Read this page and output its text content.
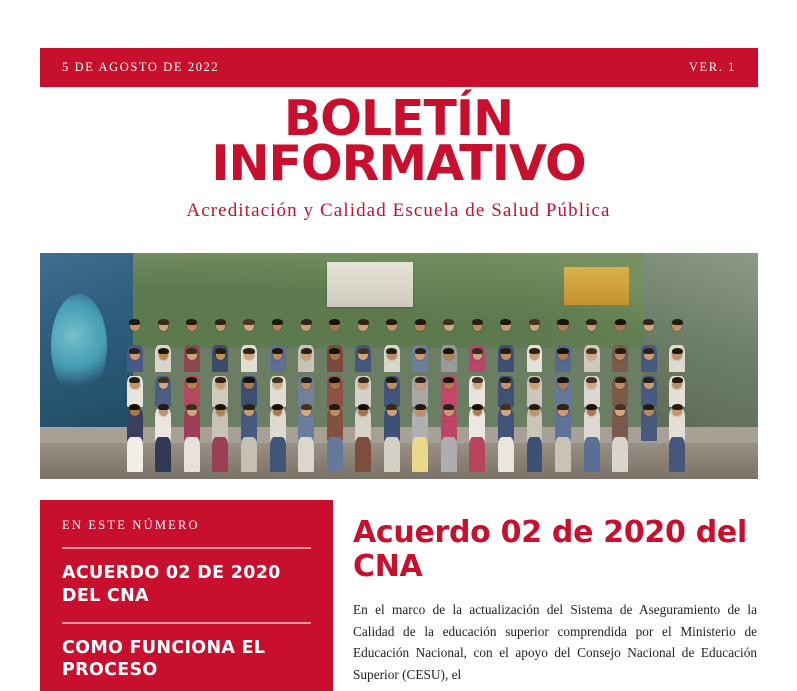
5 DE AGOSTO DE 2022	VER. 1
BOLETÍN
INFORMATIVO
Acreditación y Calidad Escuela de Salud Pública
EN ESTE NÚMERO
ACUERDO 02 DE 2020 DEL CNA
COMO FUNCIONA EL PROCESO
Acuerdo 02 de 2020 del CNA
En el marco de la actualización del Sistema de Aseguramiento de la Calidad de la educación superior comprendida por el Ministerio de Educación Nacional, con el apoyo del Consejo Nacional de Educación Superior (CESU), el
